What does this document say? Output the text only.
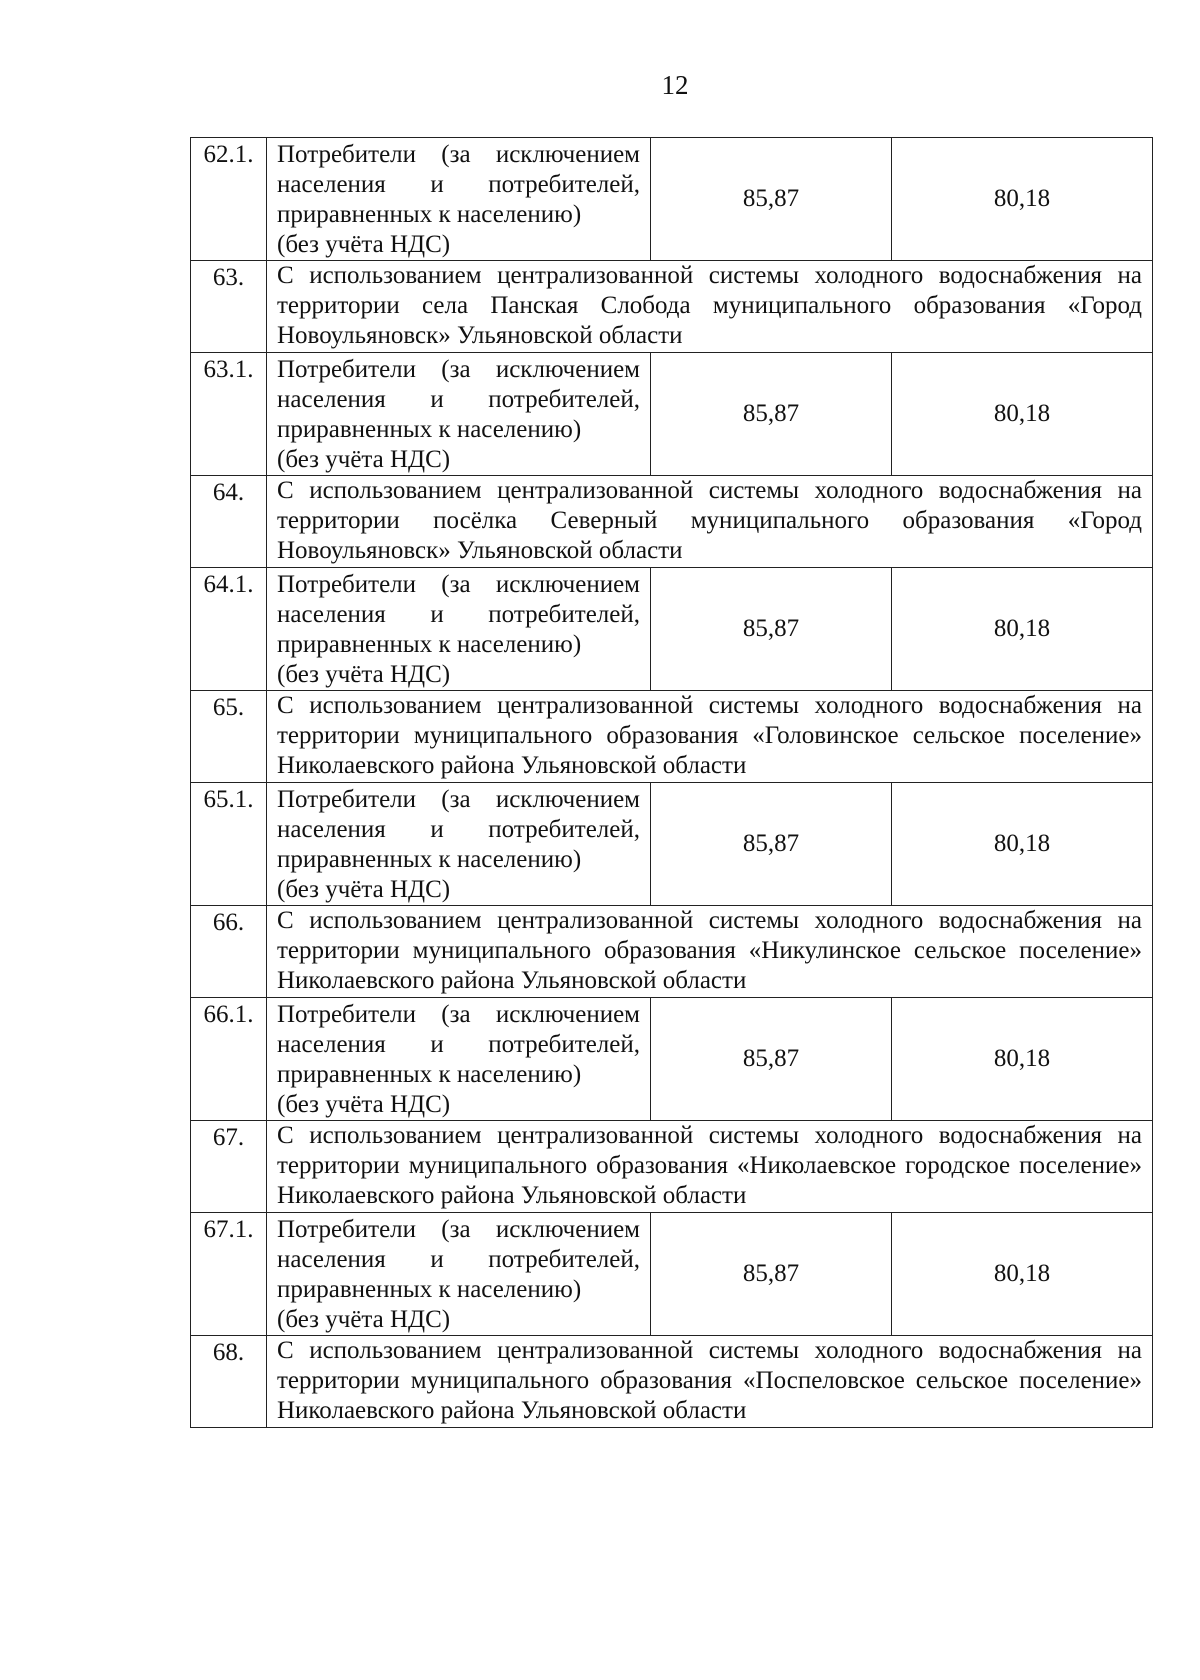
12
62.1.	Потребители (за исключением
населения и потребителей,
приравненных к населению)
(без учёта НДС)	85,87	80,18
63.	С использованием централизованной системы холодного водоснабжения на территории села Панская Слобода муниципального образования «Город Новоульяновск» Ульяновской области		
63.1.	Потребители (за исключением
населения и потребителей,
приравненных к населению)
(без учёта НДС)	85,87	80,18
64.	С использованием централизованной системы холодного водоснабжения на территории посёлка Северный муниципального образования «Город Новоульяновск» Ульяновской области		
64.1.	Потребители (за исключением
населения и потребителей,
приравненных к населению)
(без учёта НДС)	85,87	80,18
65.	С использованием централизованной системы холодного водоснабжения на территории муниципального образования «Головинское сельское поселение» Николаевского района Ульяновской области		
65.1.	Потребители (за исключением
населения и потребителей,
приравненных к населению)
(без учёта НДС)	85,87	80,18
66.	С использованием централизованной системы холодного водоснабжения на территории муниципального образования «Никулинское сельское поселение» Николаевского района Ульяновской области		
66.1.	Потребители (за исключением
населения и потребителей,
приравненных к населению)
(без учёта НДС)	85,87	80,18
67.	С использованием централизованной системы холодного водоснабжения на территории муниципального образования «Николаевское городское поселение» Николаевского района Ульяновской области		
67.1.	Потребители (за исключением
населения и потребителей,
приравненных к населению)
(без учёта НДС)	85,87	80,18
68.	С использованием централизованной системы холодного водоснабжения на территории муниципального образования «Поспеловское сельское поселение» Николаевского района Ульяновской области		
